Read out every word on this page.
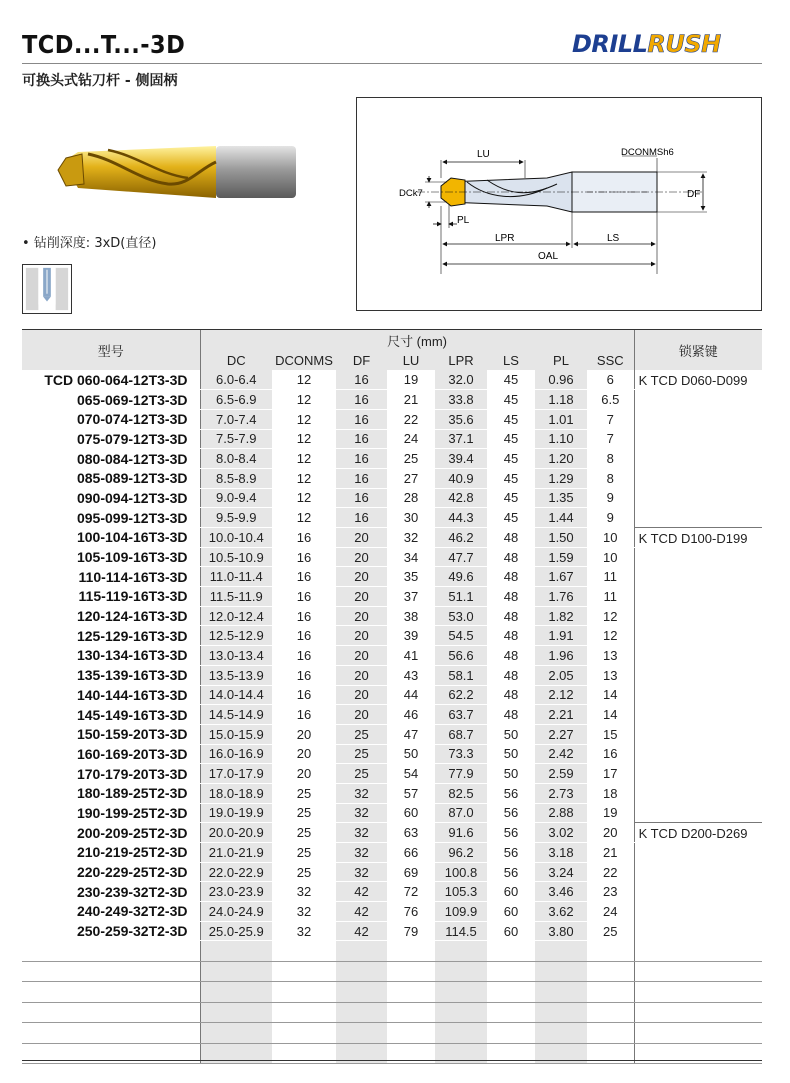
TCD...T...-3D	DRILLRUSH
可换头式钻刀杆 - 侧固柄
• 钻削深度: 3xD(直径)
LU	DCONMSh6
DF
DCk7
PL
LPR	LS
OAL
型号	尺寸 (mm)								锁紧键
	DC	DCONMS	DF	LU	LPR	LS	PL	SSC	
TCD 060-064-12T3-3D	6.0-6.4	12	16	19	32.0	45	0.96	6	K TCD D060-D099
065-069-12T3-3D	6.5-6.9	12	16	21	33.8	45	1.18	6.5	
070-074-12T3-3D	7.0-7.4	12	16	22	35.6	45	1.01	7	
075-079-12T3-3D	7.5-7.9	12	16	24	37.1	45	1.10	7	
080-084-12T3-3D	8.0-8.4	12	16	25	39.4	45	1.20	8	
085-089-12T3-3D	8.5-8.9	12	16	27	40.9	45	1.29	8	
090-094-12T3-3D	9.0-9.4	12	16	28	42.8	45	1.35	9	
095-099-12T3-3D	9.5-9.9	12	16	30	44.3	45	1.44	9	
100-104-16T3-3D	10.0-10.4	16	20	32	46.2	48	1.50	10	K TCD D100-D199
105-109-16T3-3D	10.5-10.9	16	20	34	47.7	48	1.59	10	
110-114-16T3-3D	11.0-11.4	16	20	35	49.6	48	1.67	11	
115-119-16T3-3D	11.5-11.9	16	20	37	51.1	48	1.76	11	
120-124-16T3-3D	12.0-12.4	16	20	38	53.0	48	1.82	12	
125-129-16T3-3D	12.5-12.9	16	20	39	54.5	48	1.91	12	
130-134-16T3-3D	13.0-13.4	16	20	41	56.6	48	1.96	13	
135-139-16T3-3D	13.5-13.9	16	20	43	58.1	48	2.05	13	
140-144-16T3-3D	14.0-14.4	16	20	44	62.2	48	2.12	14	
145-149-16T3-3D	14.5-14.9	16	20	46	63.7	48	2.21	14	
150-159-20T3-3D	15.0-15.9	20	25	47	68.7	50	2.27	15	
160-169-20T3-3D	16.0-16.9	20	25	50	73.3	50	2.42	16	
170-179-20T3-3D	17.0-17.9	20	25	54	77.9	50	2.59	17	
180-189-25T2-3D	18.0-18.9	25	32	57	82.5	56	2.73	18	
190-199-25T2-3D	19.0-19.9	25	32	60	87.0	56	2.88	19	
200-209-25T2-3D	20.0-20.9	25	32	63	91.6	56	3.02	20	K TCD D200-D269
210-219-25T2-3D	21.0-21.9	25	32	66	96.2	56	3.18	21	
220-229-25T2-3D	22.0-22.9	25	32	69	100.8	56	3.24	22	
230-239-32T2-3D	23.0-23.9	32	42	72	105.3	60	3.46	23	
240-249-32T2-3D	24.0-24.9	32	42	76	109.9	60	3.62	24	
250-259-32T2-3D	25.0-25.9	32	42	79	114.5	60	3.80	25	
